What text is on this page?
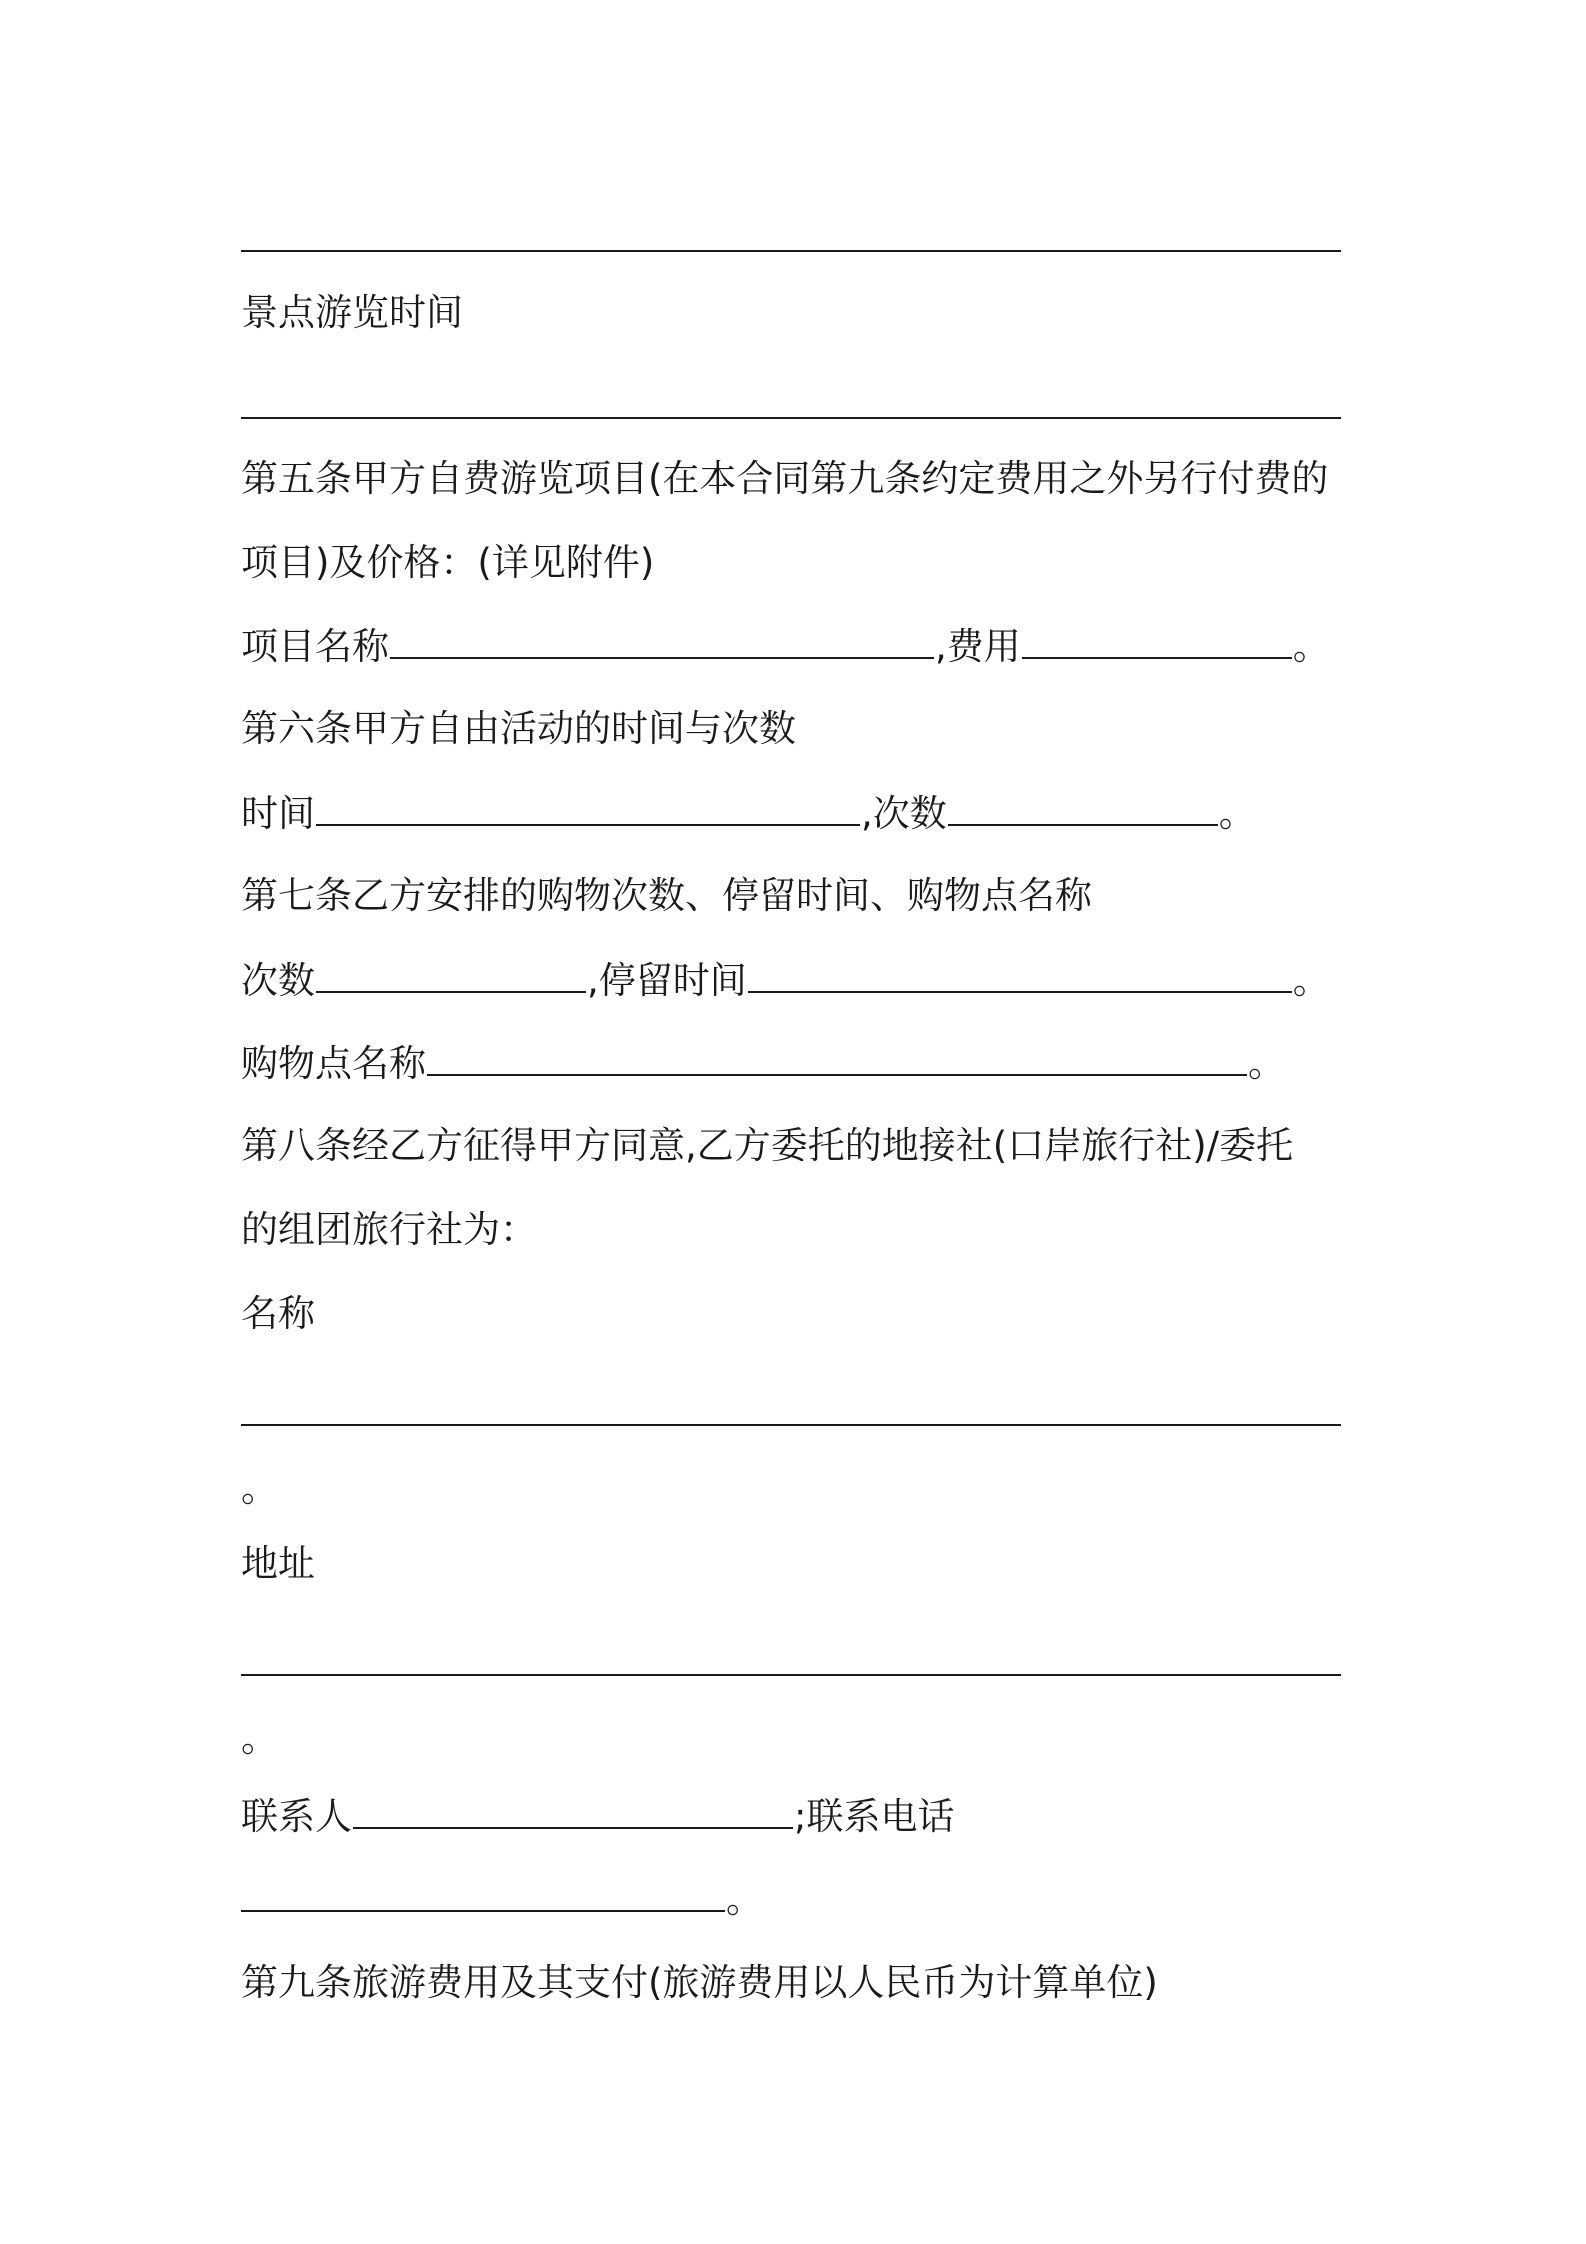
景点游览时间
第五条甲方自费游览项目(在本合同第九条约定费用之外另行付费的
项目)及价格：(详见附件)
项目名称	,费用	。
第六条甲方自由活动的时间与次数
时间	,次数	。
第七条乙方安排的购物次数、停留时间、购物点名称
次数	,停留时间	。
购物点名称	。
第八条经乙方征得甲方同意,乙方委托的地接社(口岸旅行社)/委托
的组团旅行社为：
名称
。
地址
。
联系人	;联系电话
。
第九条旅游费用及其支付(旅游费用以人民币为计算单位)
